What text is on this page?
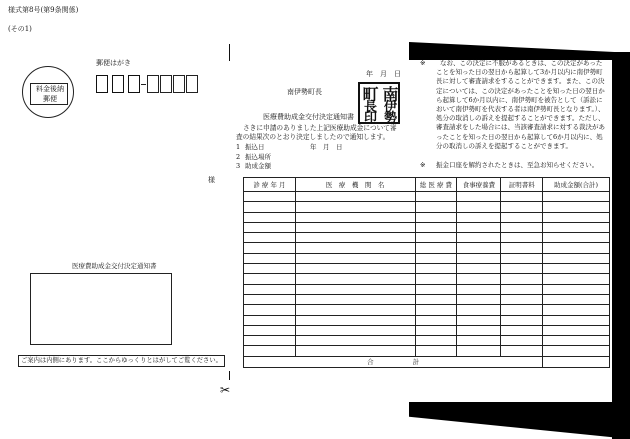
様式第8号(第9条関係)
(その1)
郵便はがき
料金後納
郵便
様
医療費助成金交付決定通知書
ご案内は内側にあります。ここからゆっくりとはがしてご覧ください。
✂
年　月　日
南伊勢町長	南
伊
勢
町
長
印
医療費助成金交付決定通知書
さきに申請のありました上記医療助成金について審
査の結果次のとおり決定しましたので通知します。
1 振込日	年　月　日
2 振込場所
3 助成金額
※	なお、この決定に不服があるときは、この決定があった
ことを知った日の翌日から起算して3か月以内に南伊勢町
長に対して審査請求をすることができます。また、この決
定については、この決定があったことを知った日の翌日か
ら起算して6か月以内に、南伊勢町を被告として（訴訟に
おいて南伊勢町を代表する者は南伊勢町長となります。）、
処分の取消しの訴えを提起することができます。ただし、
審査請求をした場合には、当該審査請求に対する裁決があ
ったことを知った日の翌日から起算して6か月以内に、処
分の取消しの訴えを提起することができます。
※ 振金口座を解約されたときは、至急お知らせください。
診 療 年 月	医　療　機　関　名	総 医 療 費	食事療養費	証明書料	助成金額(合計)

合　　　　　　計					
